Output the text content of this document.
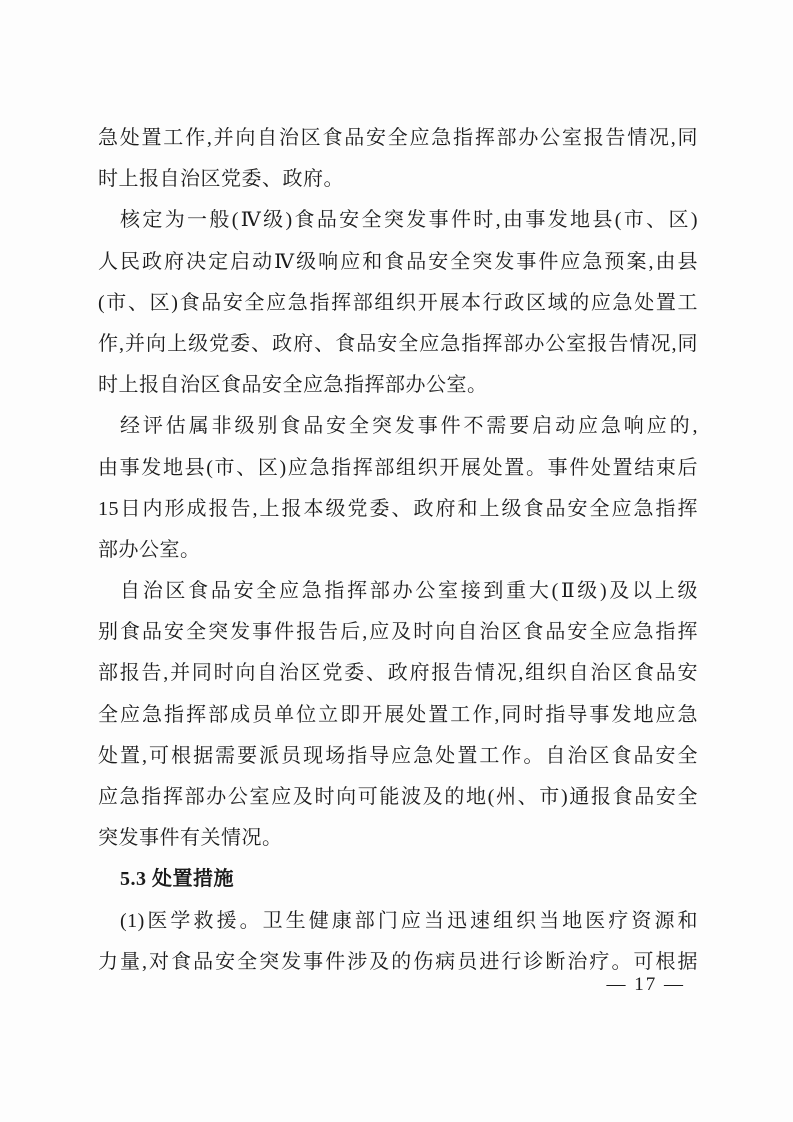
急处置工作,并向自治区食品安全应急指挥部办公室报告情况,同
时上报自治区党委、政府。
核定为一般(Ⅳ级)食品安全突发事件时,由事发地县(市、区)
人民政府决定启动Ⅳ级响应和食品安全突发事件应急预案,由县
(市、区)食品安全应急指挥部组织开展本行政区域的应急处置工
作,并向上级党委、政府、食品安全应急指挥部办公室报告情况,同
时上报自治区食品安全应急指挥部办公室。
经评估属非级别食品安全突发事件不需要启动应急响应的,
由事发地县(市、区)应急指挥部组织开展处置。事件处置结束后
15日内形成报告,上报本级党委、政府和上级食品安全应急指挥
部办公室。
自治区食品安全应急指挥部办公室接到重大(Ⅱ级)及以上级
别食品安全突发事件报告后,应及时向自治区食品安全应急指挥
部报告,并同时向自治区党委、政府报告情况,组织自治区食品安
全应急指挥部成员单位立即开展处置工作,同时指导事发地应急
处置,可根据需要派员现场指导应急处置工作。自治区食品安全
应急指挥部办公室应及时向可能波及的地(州、市)通报食品安全
突发事件有关情况。
5.3 处置措施
(1)医学救援。卫生健康部门应当迅速组织当地医疗资源和
力量,对食品安全突发事件涉及的伤病员进行诊断治疗。可根据
— 17 —
